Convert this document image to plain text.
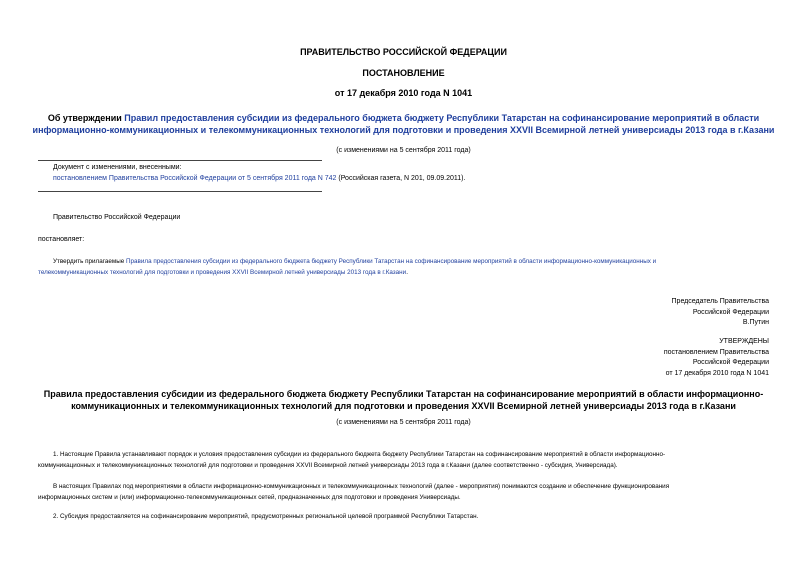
ПРАВИТЕЛЬСТВО РОССИЙСКОЙ ФЕДЕРАЦИИ
ПОСТАНОВЛЕНИЕ
от 17 декабря 2010 года N 1041
Об утверждении Правил предоставления субсидии из федерального бюджета бюджету Республики Татарстан на софинансирование мероприятий в области
информационно-коммуникационных и телекоммуникационных технологий для подготовки и проведения XXVII Всемирной летней универсиады 2013 года в г.Казани
(с изменениями на 5 сентября 2011 года)
Документ с изменениями, внесенными:
постановлением Правительства Российской Федерации от 5 сентября 2011 года N 742 (Российская газета, N 201, 09.09.2011).
Правительство Российской Федерации
постановляет:
Утвердить прилагаемые Правила предоставления субсидии из федерального бюджета бюджету Республики Татарстан на софинансирование мероприятий в области информационно-коммуникационных и
телекоммуникационных технологий для подготовки и проведения XXVII Всемирной летней универсиады 2013 года в г.Казани.
Председатель Правительства
Российской Федерации
В.Путин
УТВЕРЖДЕНЫ
постановлением Правительства
Российской Федерации
от 17 декабря 2010 года N 1041
Правила предоставления субсидии из федерального бюджета бюджету Республики Татарстан на софинансирование мероприятий в области информационно-
коммуникационных и телекоммуникационных технологий для подготовки и проведения XXVII Всемирной летней универсиады 2013 года в г.Казани
(с изменениями на 5 сентября 2011 года)
1. Настоящие Правила устанавливают порядок и условия предоставления субсидии из федерального бюджета бюджету Республики Татарстан на софинансирование мероприятий в области информационно-
коммуникационных и телекоммуникационных технологий для подготовки и проведения XXVII Всемирной летней универсиады 2013 года в г.Казани (далее соответственно - субсидия, Универсиада).
В настоящих Правилах под мероприятиями в области информационно-коммуникационных и телекоммуникационных технологий (далее - мероприятия) понимаются создание и обеспечение функционирования
информационных систем и (или) информационно-телекоммуникационных сетей, предназначенных для подготовки и проведения Универсиады.
2. Субсидия предоставляется на софинансирование мероприятий, предусмотренных региональной целевой программой Республики Татарстан.
